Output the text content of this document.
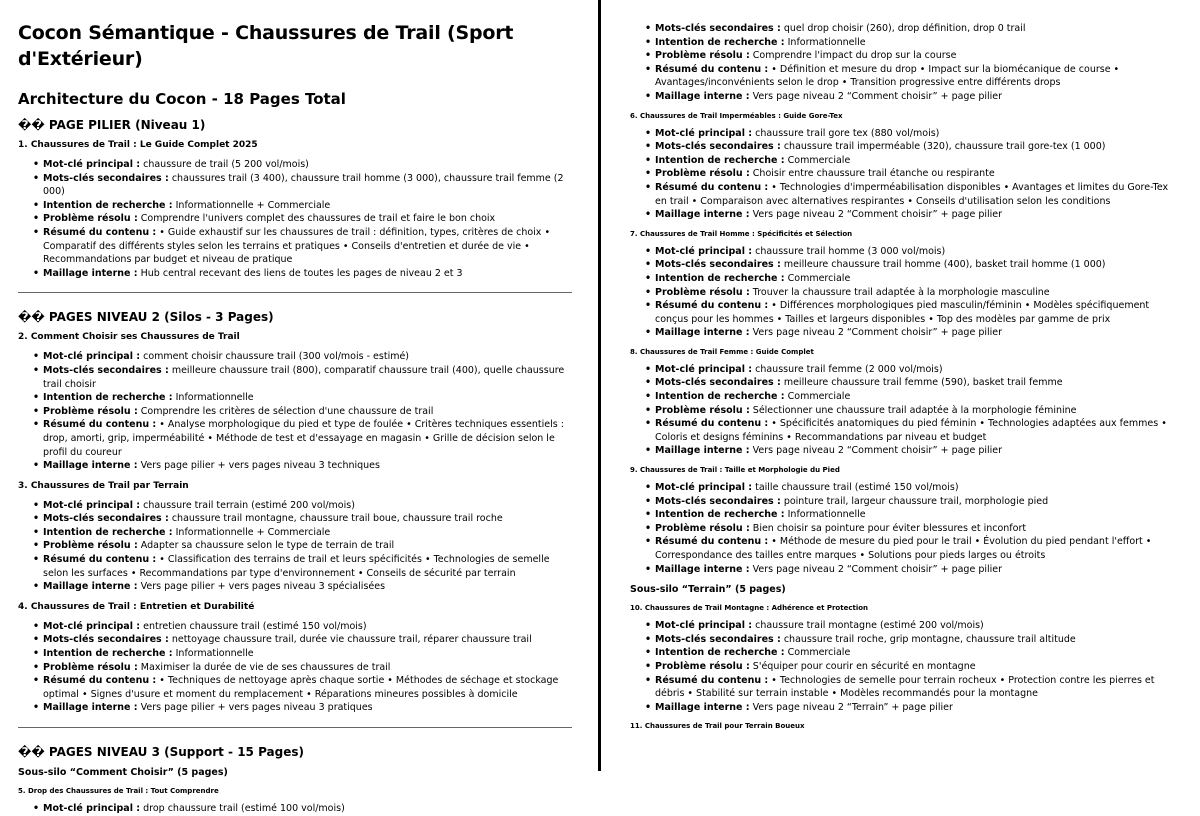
Cocon Sémantique - Chaussures de Trail (Sport d'Extérieur)
Architecture du Cocon - 18 Pages Total
�� PAGE PILIER (Niveau 1)
1. Chaussures de Trail : Le Guide Complet 2025
• Mot-clé principal : chaussure de trail (5 200 vol/mois)
• Mots-clés secondaires : chaussures trail (3 400), chaussure trail homme (3 000), chaussure trail femme (2 000)
• Intention de recherche : Informationnelle + Commerciale
• Problème résolu : Comprendre l'univers complet des chaussures de trail et faire le bon choix
• Résumé du contenu : • Guide exhaustif sur les chaussures de trail : définition, types, critères de choix • Comparatif des différents styles selon les terrains et pratiques • Conseils d'entretien et durée de vie • Recommandations par budget et niveau de pratique
• Maillage interne : Hub central recevant des liens de toutes les pages de niveau 2 et 3
�� PAGES NIVEAU 2 (Silos - 3 Pages)
2. Comment Choisir ses Chaussures de Trail
• Mot-clé principal : comment choisir chaussure trail (300 vol/mois - estimé)
• Mots-clés secondaires : meilleure chaussure trail (800), comparatif chaussure trail (400), quelle chaussure trail choisir
• Intention de recherche : Informationnelle
• Problème résolu : Comprendre les critères de sélection d'une chaussure de trail
• Résumé du contenu : • Analyse morphologique du pied et type de foulée • Critères techniques essentiels : drop, amorti, grip, imperméabilité • Méthode de test et d'essayage en magasin • Grille de décision selon le profil du coureur
• Maillage interne : Vers page pilier + vers pages niveau 3 techniques
3. Chaussures de Trail par Terrain
• Mot-clé principal : chaussure trail terrain (estimé 200 vol/mois)
• Mots-clés secondaires : chaussure trail montagne, chaussure trail boue, chaussure trail roche
• Intention de recherche : Informationnelle + Commerciale
• Problème résolu : Adapter sa chaussure selon le type de terrain de trail
• Résumé du contenu : • Classification des terrains de trail et leurs spécificités • Technologies de semelle selon les surfaces • Recommandations par type d'environnement • Conseils de sécurité par terrain
• Maillage interne : Vers page pilier + vers pages niveau 3 spécialisées
4. Chaussures de Trail : Entretien et Durabilité
• Mot-clé principal : entretien chaussure trail (estimé 150 vol/mois)
• Mots-clés secondaires : nettoyage chaussure trail, durée vie chaussure trail, réparer chaussure trail
• Intention de recherche : Informationnelle
• Problème résolu : Maximiser la durée de vie de ses chaussures de trail
• Résumé du contenu : • Techniques de nettoyage après chaque sortie • Méthodes de séchage et stockage optimal • Signes d'usure et moment du remplacement • Réparations mineures possibles à domicile
• Maillage interne : Vers page pilier + vers pages niveau 3 pratiques
�� PAGES NIVEAU 3 (Support - 15 Pages)
Sous-silo “Comment Choisir” (5 pages)
5. Drop des Chaussures de Trail : Tout Comprendre
• Mot-clé principal : drop chaussure trail (estimé 100 vol/mois)
• Mots-clés secondaires : quel drop choisir (260), drop définition, drop 0 trail
• Intention de recherche : Informationnelle
• Problème résolu : Comprendre l'impact du drop sur la course
• Résumé du contenu : • Définition et mesure du drop • Impact sur la biomécanique de course • Avantages/inconvénients selon le drop • Transition progressive entre différents drops
• Maillage interne : Vers page niveau 2 “Comment choisir” + page pilier
6. Chaussures de Trail Imperméables : Guide Gore-Tex
• Mot-clé principal : chaussure trail gore tex (880 vol/mois)
• Mots-clés secondaires : chaussure trail imperméable (320), chaussure trail gore-tex (1 000)
• Intention de recherche : Commerciale
• Problème résolu : Choisir entre chaussure trail étanche ou respirante
• Résumé du contenu : • Technologies d'imperméabilisation disponibles • Avantages et limites du Gore-Tex en trail • Comparaison avec alternatives respirantes • Conseils d'utilisation selon les conditions
• Maillage interne : Vers page niveau 2 “Comment choisir” + page pilier
7. Chaussures de Trail Homme : Spécificités et Sélection
• Mot-clé principal : chaussure trail homme (3 000 vol/mois)
• Mots-clés secondaires : meilleure chaussure trail homme (400), basket trail homme (1 000)
• Intention de recherche : Commerciale
• Problème résolu : Trouver la chaussure trail adaptée à la morphologie masculine
• Résumé du contenu : • Différences morphologiques pied masculin/féminin • Modèles spécifiquement conçus pour les hommes • Tailles et largeurs disponibles • Top des modèles par gamme de prix
• Maillage interne : Vers page niveau 2 “Comment choisir” + page pilier
8. Chaussures de Trail Femme : Guide Complet
• Mot-clé principal : chaussure trail femme (2 000 vol/mois)
• Mots-clés secondaires : meilleure chaussure trail femme (590), basket trail femme
• Intention de recherche : Commerciale
• Problème résolu : Sélectionner une chaussure trail adaptée à la morphologie féminine
• Résumé du contenu : • Spécificités anatomiques du pied féminin • Technologies adaptées aux femmes • Coloris et designs féminins • Recommandations par niveau et budget
• Maillage interne : Vers page niveau 2 “Comment choisir” + page pilier
9. Chaussures de Trail : Taille et Morphologie du Pied
• Mot-clé principal : taille chaussure trail (estimé 150 vol/mois)
• Mots-clés secondaires : pointure trail, largeur chaussure trail, morphologie pied
• Intention de recherche : Informationnelle
• Problème résolu : Bien choisir sa pointure pour éviter blessures et inconfort
• Résumé du contenu : • Méthode de mesure du pied pour le trail • Évolution du pied pendant l'effort • Correspondance des tailles entre marques • Solutions pour pieds larges ou étroits
• Maillage interne : Vers page niveau 2 “Comment choisir” + page pilier
Sous-silo “Terrain” (5 pages)
10. Chaussures de Trail Montagne : Adhérence et Protection
• Mot-clé principal : chaussure trail montagne (estimé 200 vol/mois)
• Mots-clés secondaires : chaussure trail roche, grip montagne, chaussure trail altitude
• Intention de recherche : Commerciale
• Problème résolu : S'équiper pour courir en sécurité en montagne
• Résumé du contenu : • Technologies de semelle pour terrain rocheux • Protection contre les pierres et débris • Stabilité sur terrain instable • Modèles recommandés pour la montagne
• Maillage interne : Vers page niveau 2 “Terrain” + page pilier
11. Chaussures de Trail pour Terrain Boueux
